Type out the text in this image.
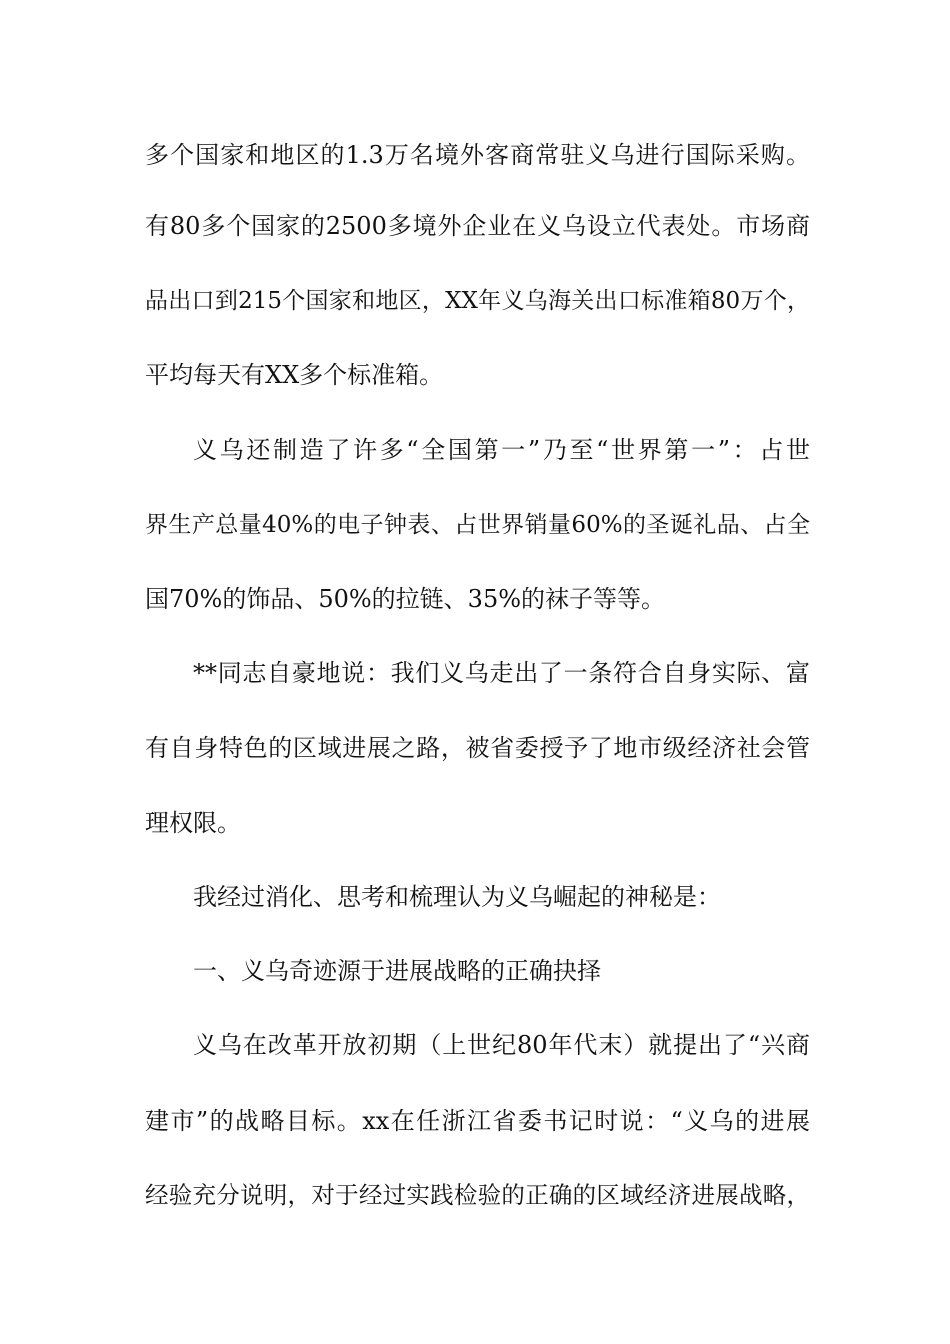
多个国家和地区的1.3万名境外客商常驻义乌进行国际采购。
有80多个国家的2500多境外企业在义乌设立代表处。市场商
品出口到215个国家和地区，XX年义乌海关出口标准箱80万个，
平均每天有XX多个标准箱。
义乌还制造了许多“全国第一”乃至“世界第一”：占世
界生产总量40%的电子钟表、占世界销量60%的圣诞礼品、占全
国70%的饰品、50%的拉链、35%的袜子等等。
**同志自豪地说：我们义乌走出了一条符合自身实际、富
有自身特色的区域进展之路，被省委授予了地市级经济社会管
理权限。
我经过消化、思考和梳理认为义乌崛起的神秘是：
一、义乌奇迹源于进展战略的正确抉择
义乌在改革开放初期（上世纪80年代末）就提出了“兴商
建市”的战略目标。xx在任浙江省委书记时说：“义乌的进展
经验充分说明，对于经过实践检验的正确的区域经济进展战略，
